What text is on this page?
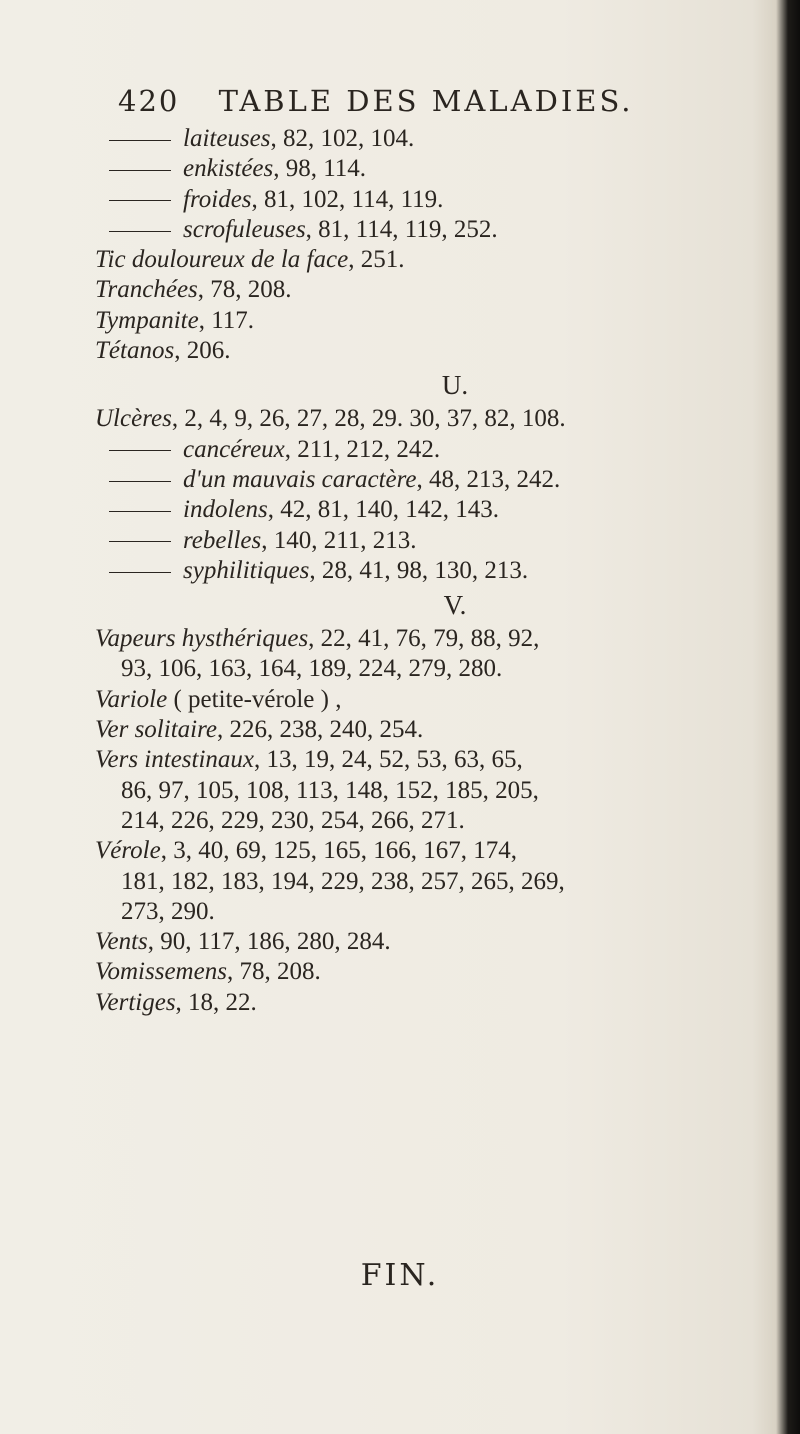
420 TABLE DES MALADIES.
laiteuses, 82, 102, 104.
enkistées, 98, 114.
froides, 81, 102, 114, 119.
scrofuleuses, 81, 114, 119, 252.
Tic douloureux de la face, 251.
Tranchées, 78, 208.
Tympanite, 117.
Tétanos, 206.
U.
Ulcères, 2, 4, 9, 26, 27, 28, 29. 30, 37, 82, 108.
cancéreux, 211, 212, 242.
d'un mauvais caractère, 48, 213, 242.
indolens, 42, 81, 140, 142, 143.
rebelles, 140, 211, 213.
syphilitiques, 28, 41, 98, 130, 213.
V.
Vapeurs hysthériques, 22, 41, 76, 79, 88, 92,
93, 106, 163, 164, 189, 224, 279, 280.
Variole ( petite-vérole ) ,
Ver solitaire, 226, 238, 240, 254.
Vers intestinaux, 13, 19, 24, 52, 53, 63, 65,
86, 97, 105, 108, 113, 148, 152, 185, 205,
214, 226, 229, 230, 254, 266, 271.
Vérole, 3, 40, 69, 125, 165, 166, 167, 174,
181, 182, 183, 194, 229, 238, 257, 265, 269,
273, 290.
Vents, 90, 117, 186, 280, 284.
Vomissemens, 78, 208.
Vertiges, 18, 22.
FIN.
